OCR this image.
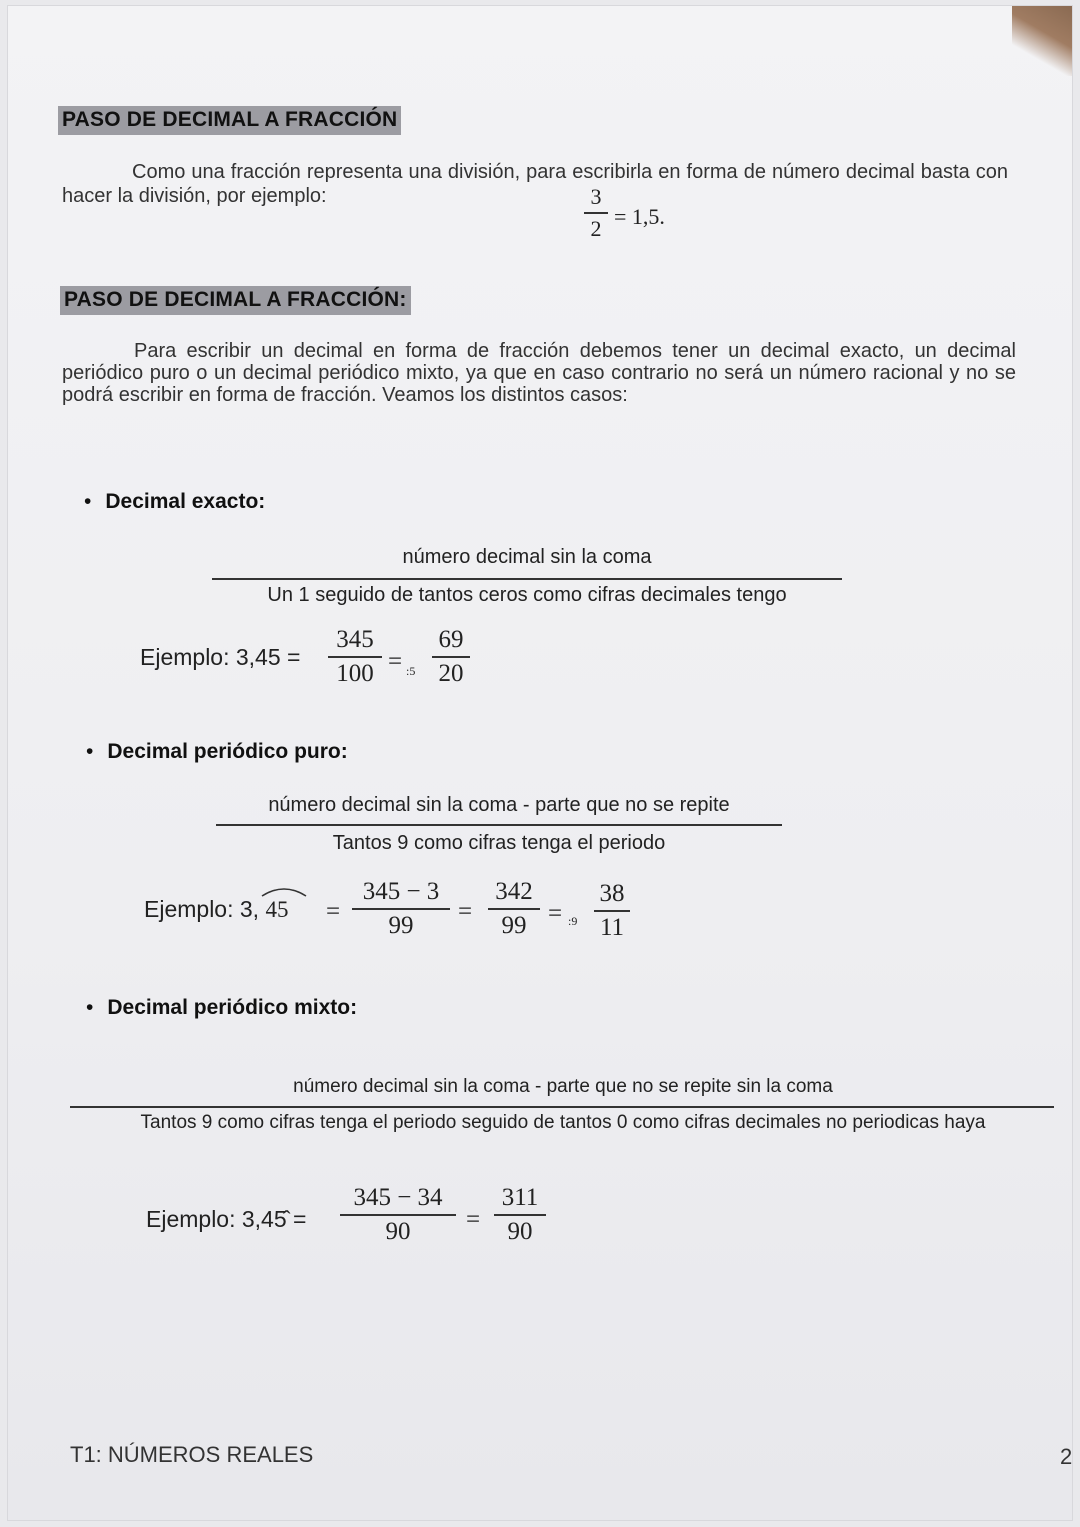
PASO DE DECIMAL A FRACCIÓN
Como una fracción representa una división, para escribirla en forma de número decimal basta con hacer la división, por ejemplo:	3
2 = 1,5.
PASO DE DECIMAL A FRACCIÓN:
Para escribir un decimal en forma de fracción debemos tener un decimal exacto, un decimal periódico puro o un decimal periódico mixto, ya que en caso contrario no será un número racional y no se podrá escribir en forma de fracción. Veamos los distintos casos:
• Decimal exacto:
número decimal sin la coma
Un 1 seguido de tantos ceros como cifras decimales tengo
Ejemplo: 3,45 =
345
100 = :5
69
20
• Decimal periódico puro:
número decimal sin la coma - parte que no se repite
Tantos 9 como cifras tenga el periodo
Ejemplo: 3, 45 =
345 − 3
99	=
342
99 = :9
38
11
• Decimal periódico mixto:
número decimal sin la coma - parte que no se repite sin la coma
Tantos 9 como cifras tenga el periodo seguido de tantos 0 como cifras decimales no periodicas haya
Ejemplo: 3,45̂ =
345 − 34
90	=
311
90
T1: NÚMEROS REALES	2
